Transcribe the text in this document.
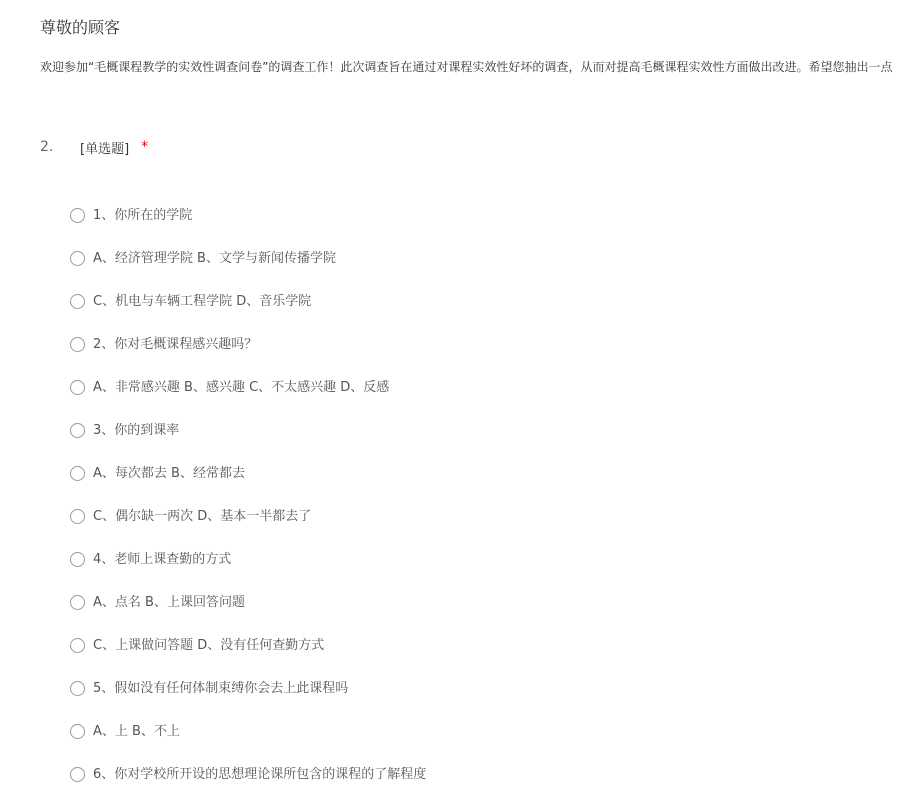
尊敬的顾客
欢迎参加“毛概课程教学的实效性调查问卷”的调查工作！此次调查旨在通过对课程实效性好坏的调查，从而对提高毛概课程实效性方面做出改进。希望您抽出一点
2.	[单选题] *
1、你所在的学院
A、经济管理学院 B、文学与新闻传播学院
C、机电与车辆工程学院 D、音乐学院
2、你对毛概课程感兴趣吗？
A、非常感兴趣 B、感兴趣 C、不太感兴趣 D、反感
3、你的到课率
A、每次都去 B、经常都去
C、偶尔缺一两次 D、基本一半都去了
4、老师上课查勤的方式
A、点名 B、上课回答问题
C、上课做问答题 D、没有任何查勤方式
5、假如没有任何体制束缚你会去上此课程吗
A、上 B、不上
6、你对学校所开设的思想理论课所包含的课程的了解程度
